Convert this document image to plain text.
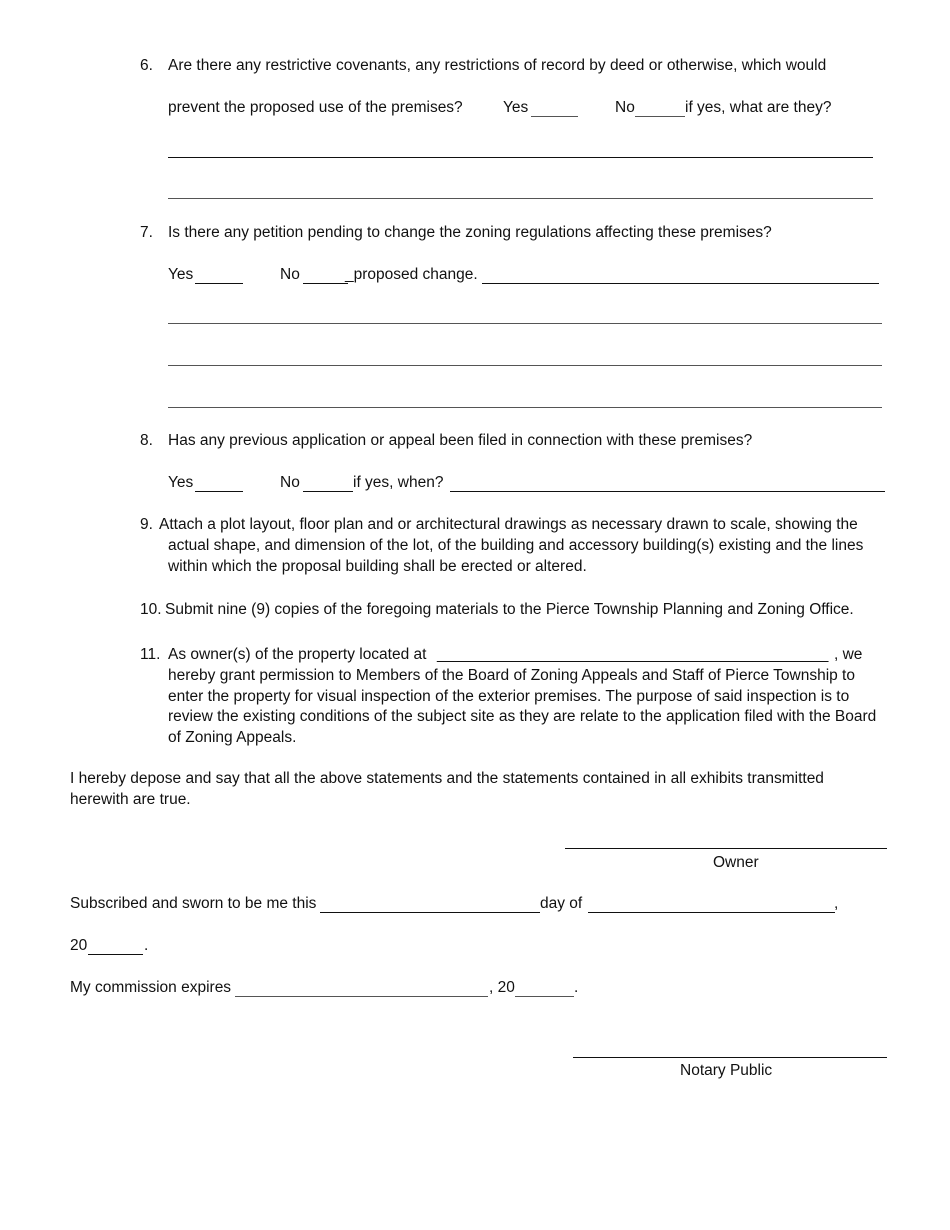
6. Are there any restrictive covenants, any restrictions of record by deed or otherwise, which would
prevent the proposed use of the premises?	Yes	No	if yes, what are they?
7. Is there any petition pending to change the zoning regulations affecting these premises?
Yes	No	_proposed change.
8. Has any previous application or appeal been filed in connection with these premises?
Yes	No	if yes, when?
9. Attach a plot layout, floor plan and or architectural drawings as necessary drawn to scale, showing the
actual shape, and dimension of the lot, of the building and accessory building(s) existing and the lines within which the proposal building shall be erected or altered.
10. Submit nine (9) copies of the foregoing materials to the Pierce Township Planning and Zoning Office.
11. As owner(s) of the property located at _______________________________________________ , we
hereby grant permission to Members of the Board of Zoning Appeals and Staff of Pierce Township to enter the property for visual inspection of the exterior premises. The purpose of said inspection is to review the existing conditions of the subject site as they are relate to the application filed with the Board of Zoning Appeals.
I hereby depose and say that all the above statements and the statements contained in all exhibits transmitted herewith are true.
Owner
Subscribed and sworn to be me this	day of	,
20	.
My commission expires	, 20	.
Notary Public
